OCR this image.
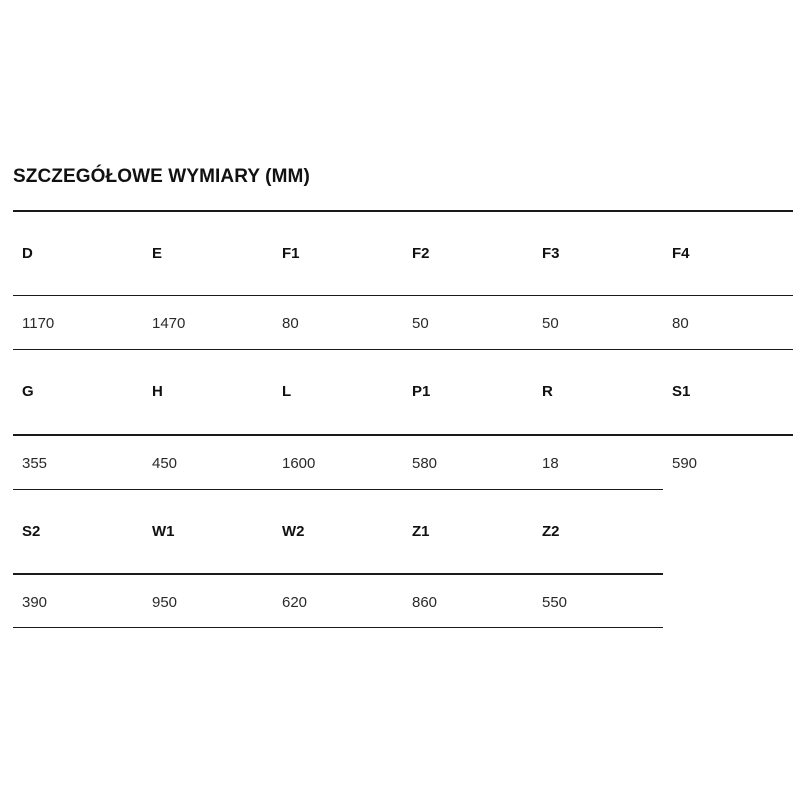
SZCZEGÓŁOWE WYMIARY (MM)
D	E	F1	F2	F3	F4
1170	1470	80	50	50	80
G	H	L	P1	R	S1
355	450	1600	580	18	590
S2	W1	W2	Z1	Z2
390	950	620	860	550
